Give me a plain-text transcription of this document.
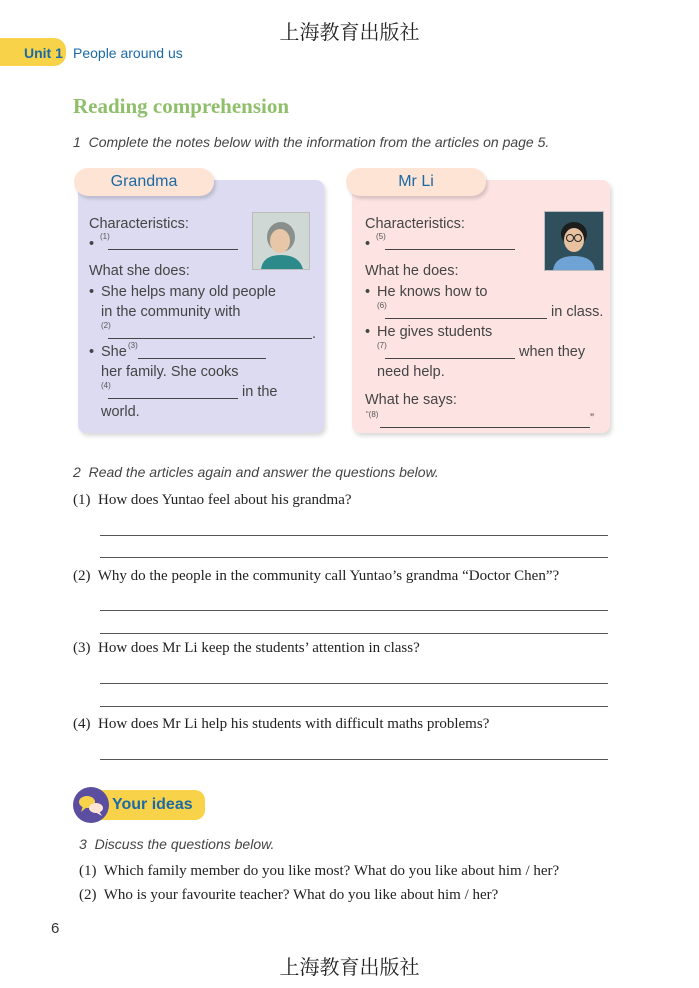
上海教育出版社
Unit 1 People around us
Reading comprehension
1 Complete the notes below with the information from the articles on page 5.
Grandma
Characteristics:
• (1)
What she does:
• She helps many old people
in the community with
(2)
.
• She (3)
her family. She cooks
(4)	in the
world.
Mr Li
Characteristics:
• (5)
What he does:
• He knows how to
(6)	in class.
• He gives students
(7)	when they
need help.
What he says:
“(8)	”
2 Read the articles again and answer the questions below.
(1) How does Yuntao feel about his grandma?
(2) Why do the people in the community call Yuntao’s grandma “Doctor Chen”?
(3) How does Mr Li keep the students’ attention in class?
(4) How does Mr Li help his students with difficult maths problems?
Your ideas
3 Discuss the questions below.
(1) Which family member do you like most? What do you like about him / her?
(2) Who is your favourite teacher? What do you like about him / her?
6
上海教育出版社
